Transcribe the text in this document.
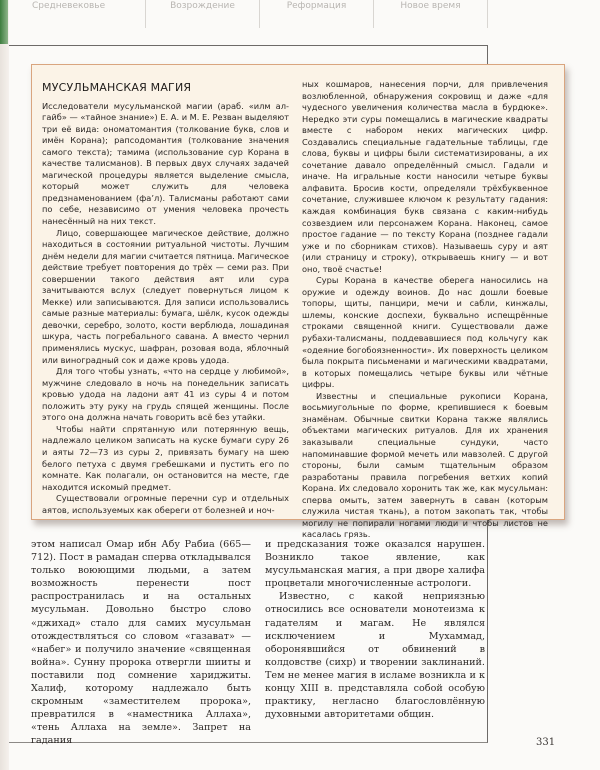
Средневековье	Возрождение	Реформация	Новое время
МУСУЛЬМАНСКАЯ МАГИЯ

Исследователи мусульманской магии (араб. «илм ал-гайб» — «тайное знание») Е. А. и М. Е. Резван выделяют три её вида: ономатомантия (толкование букв, слов и имён Корана); рапсодомантия (толкование значения самого текста); тамима (использование сур Корана в качестве талисманов). В первых двух случаях задачей магической процедуры является выделение смысла, который может служить для человека предзнаменованием (фа’л). Талисманы работают сами по себе, независимо от умения человека прочесть нанесённый на них текст.

Лицо, совершающее магическое действие, должно находиться в состоянии ритуальной чистоты. Лучшим днём недели для магии считается пятница. Магическое действие требует повторения до трёх — семи раз. При совершении такого действия аят или сура зачитываются вслух (следует повернуться лицом к Мекке) или записываются. Для записи использовались самые разные материалы: бумага, шёлк, кусок одежды девочки, серебро, золото, кости верблюда, лошадиная шкура, часть погребального савана. А вместо чернил применялись мускус, шафран, розовая вода, яблочный или виноградный сок и даже кровь удода.

Для того чтобы узнать, «что на сердце у любимой», мужчине следовало в ночь на понедельник записать кровью удода на ладони аят 41 из суры 4 и потом положить эту руку на грудь спящей женщины. После этого она должна начать говорить всё без утайки.

Чтобы найти спрятанную или потерянную вещь, надлежало целиком записать на куске бумаги суру 26 и аяты 72—73 из суры 2, привязать бумагу на шею белого петуха с двумя гребешками и пустить его по комнате. Как полагали, он остановится на месте, где находится искомый предмет.

Существовали огромные перечни сур и отдельных аятов, используемых как обереги от болезней и ноч-

ных кошмаров, нанесения порчи, для привлечения возлюбленной, обнаружения сокровищ и даже «для чудесного увеличения количества масла в бурдюке». Нередко эти суры помещались в магические квадраты вместе с набором неких магических цифр. Создавались специальные гадательные таблицы, где слова, буквы и цифры были систематизированы, а их сочетание давало определённый смысл. Гадали и иначе. На игральные кости наносили четыре буквы алфавита. Бросив кости, определяли трёхбуквенное сочетание, служившее ключом к результату гадания: каждая комбинация букв связана с каким-нибудь созвездием или персонажем Корана. Наконец, самое простое гадание — по тексту Корана (позднее гадали уже и по сборникам стихов). Называешь суру и аят (или страницу и строку), открываешь книгу — и вот оно, твоё счастье!

Суры Корана в качестве оберега наносились на оружие и одежду воинов. До нас дошли боевые топоры, щиты, панцири, мечи и сабли, кинжалы, шлемы, конские доспехи, буквально испещрённые строками священной книги. Существовали даже рубахи-талисманы, поддевавшиеся под кольчугу как «одеяние богобоязненности». Их поверхность целиком была покрыта письменами и магическими квадратами, в которых помещались четыре буквы или чётные цифры.

Известны и специальные рукописи Корана, восьмиугольные по форме, крепившиеся к боевым знамёнам. Обычные свитки Корана также являлись объектами магических ритуалов. Для их хранения заказывали специальные сундуки, часто напоминавшие формой мечеть или мавзолей. С другой стороны, были самым тщательным образом разработаны правила погребения ветхих копий Корана. Их следовало хоронить так же, как мусульман: сперва омыть, затем завернуть в саван (которым служила чистая ткань), а потом закопать так, чтобы могилу не попирали ногами люди и чтобы листов не касалась грязь.

этом написал Омар ибн Абу Рабиа (665—712). Пост в рамадан сперва откладывался только воюющими людьми, а затем возможность перенести пост распространилась и на остальных мусульман. Довольно быстро слово «джихад» стало для самих мусульман отождествляться со словом «газават» — «набег» и получило значение «священная война». Сунну пророка отвергли шииты и поставили под сомнение хариджиты. Халиф, которому надлежало быть скромным «заместителем пророка», превратился в «наместника Аллаха», «тень Аллаха на земле». Запрет на гадания

и предсказания тоже оказался нарушен. Возникло такое явление, как мусульманская магия, а при дворе халифа процветали многочисленные астрологи.

Известно, с какой неприязнью относились все основатели монотеизма к гадателям и магам. Не являлся исключением и Мухаммад, оборонявшийся от обвинений в колдовстве (сихр) и творении заклинаний. Тем не менее магия в исламе возникла и к концу XIII в. представляла собой особую практику, негласно благословлённую духовными авторитетами общин.

331
